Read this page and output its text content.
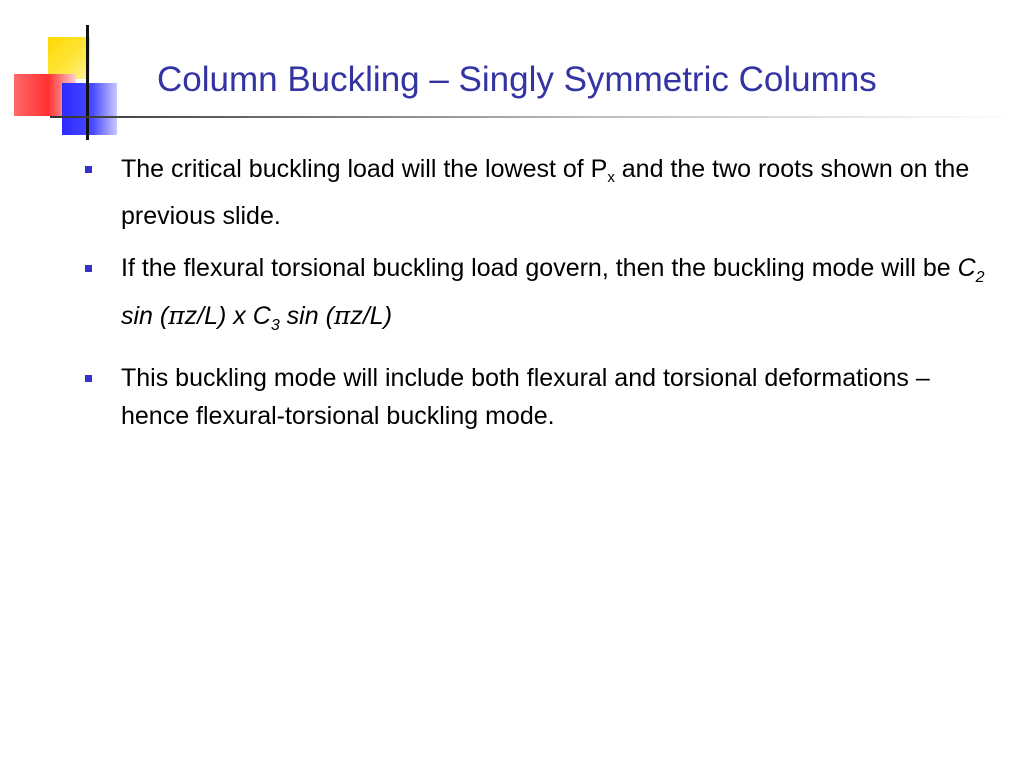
Column Buckling – Singly Symmetric Columns
The critical buckling load will the lowest of $P_x$ and the two roots shown on the previous slide.
If the flexural torsional buckling load govern, then the buckling mode will be $C_2$ sin (πz/L) x $C_3$ sin (πz/L)
This buckling mode will include both flexural and torsional deformations – hence flexural-torsional buckling mode.
